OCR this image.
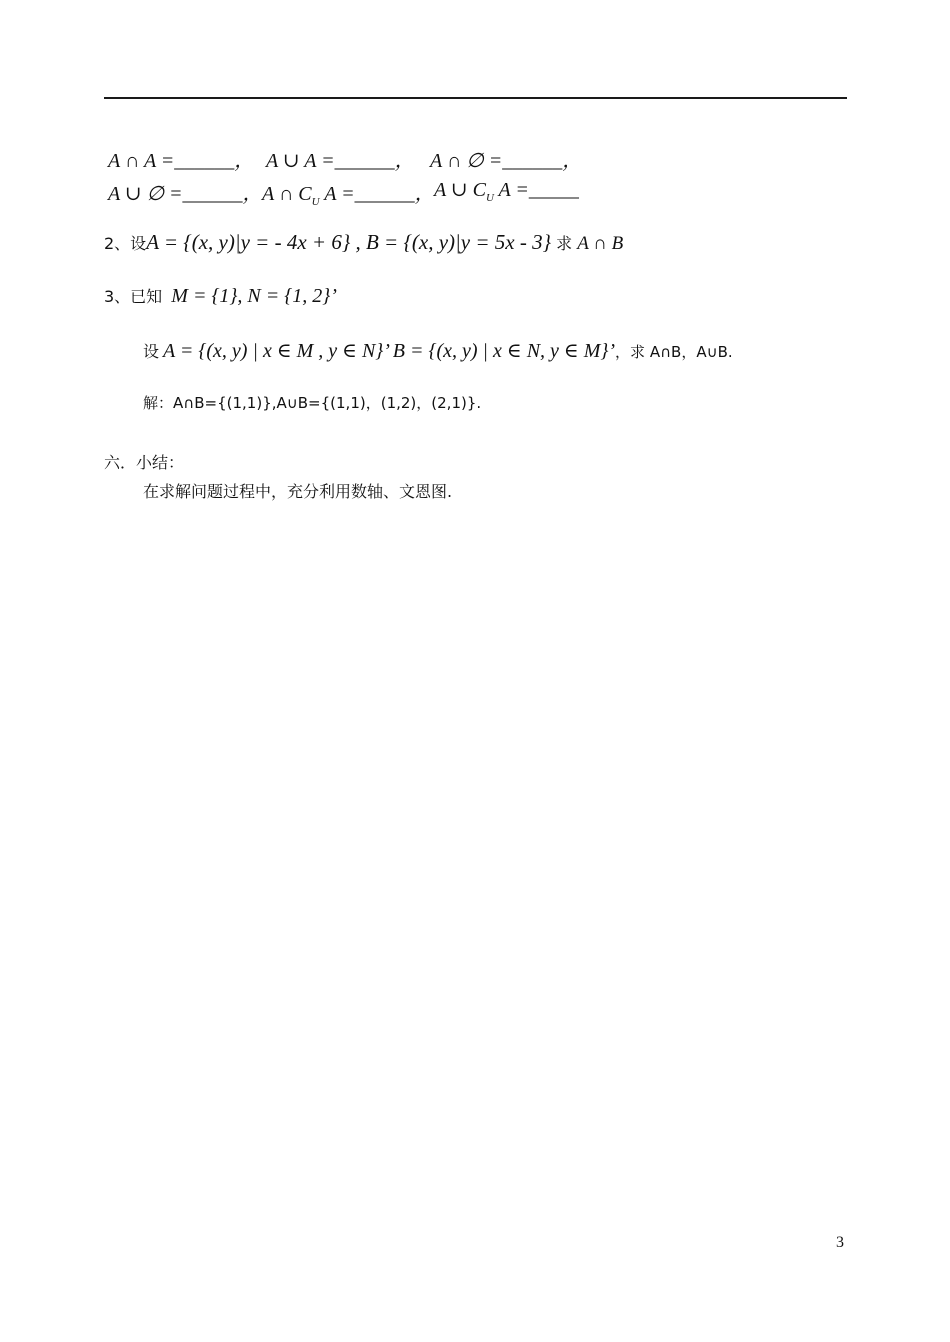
A ∩ A =______， A ∪ A =______， A ∩ ∅ =______，
A ∪ ∅ =______， A ∩ $C_U$ A =______， A ∪ $C_U$ A =_____
2、设A = {(x, y)|y = - 4x + 6} , B = {(x, y)|y = 5x - 3} 求 A ∩ B
3、已知 M = {1}, N = {1, 2}’
设 A = {(x, y) | x ∈ M , y ∈ N}’ B = {(x, y) | x ∈ N, y ∈ M}’，求 A∩B，A∪B.
解：A∩B={(1,1)},A∪B={(1,1)，(1,2)，(2,1)}.
六．小结：
在求解问题过程中，充分利用数轴、文恩图.
3
